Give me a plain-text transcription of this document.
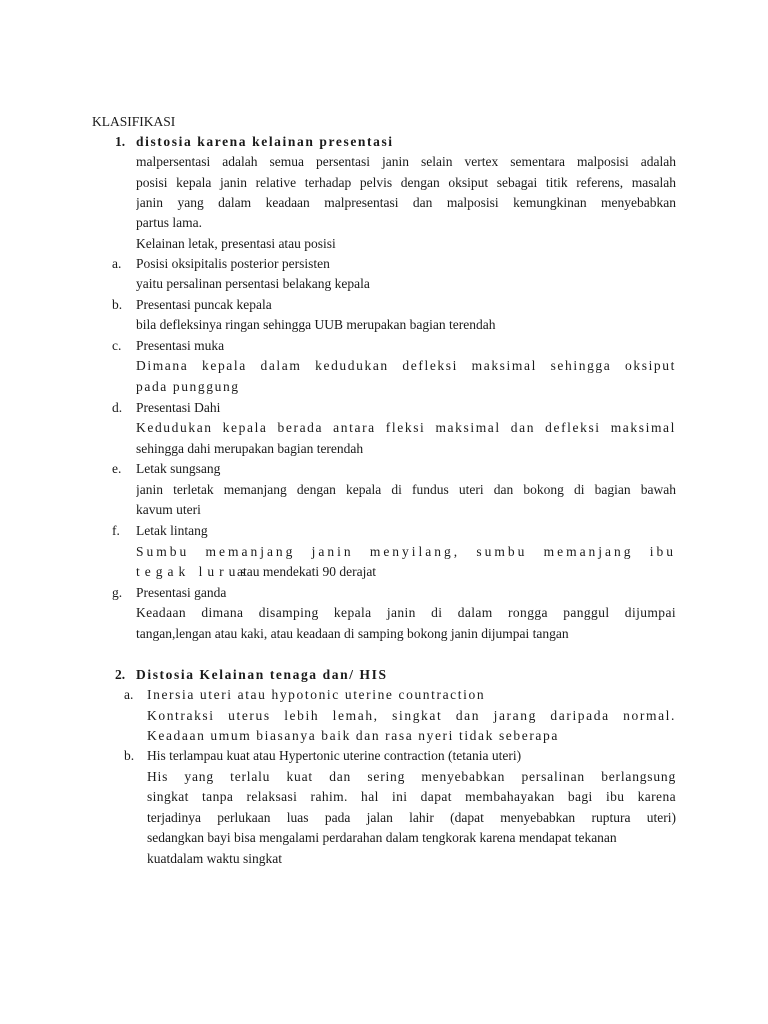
KLASIFIKASI
1. distosia karena kelainan presentasi
malpersentasi adalah semua persentasi janin selain vertex sementara malposisi adalah
posisi kepala janin relative terhadap pelvis dengan oksiput sebagai titik referens, masalah
janin yang dalam keadaan malpresentasi dan malposisi kemungkinan menyebabkan
partus lama.
Kelainan letak, presentasi atau posisi
a. Posisi oksipitalis posterior persisten
yaitu persalinan persentasi belakang kepala
b. Presentasi puncak kepala
bila defleksinya ringan sehingga UUB merupakan bagian terendah
c. Presentasi muka
Dimana kepala dalam kedudukan defleksi maksimal sehingga oksiput
pada punggung
d. Presentasi Dahi
Kedudukan kepala berada antara fleksi maksimal dan defleksi maksimal
sehingga dahi merupakan bagian terendah
e. Letak sungsang
janin terletak memanjang dengan kepala di fundus uteri dan bokong di bagian bawah
kavum uteri
f. Letak lintang
Sumbu memanjang janin menyilang, sumbu memanjang ibu
tegak lurus
atau mendekati 90 derajat
g. Presentasi ganda
Keadaan dimana disamping kepala janin di dalam rongga panggul dijumpai
tangan,lengan atau kaki, atau keadaan di samping bokong janin dijumpai tangan
2. Distosia Kelainan tenaga dan/ HIS
a. Inersia uteri atau hypotonic uterine countraction
Kontraksi uterus lebih lemah, singkat dan jarang daripada normal.
Keadaan umum biasanya baik dan rasa nyeri tidak seberapa
b. His terlampau kuat atau Hypertonic uterine contraction (tetania uteri)
His yang terlalu kuat dan sering menyebabkan persalinan berlangsung
singkat tanpa relaksasi rahim. hal ini dapat membahayakan bagi ibu karena
terjadinya perlukaan luas pada jalan lahir (dapat menyebabkan ruptura uteri)
sedangkan bayi bisa mengalami perdarahan dalam tengkorak karena mendapat tekanan
kuatdalam waktu singkat
